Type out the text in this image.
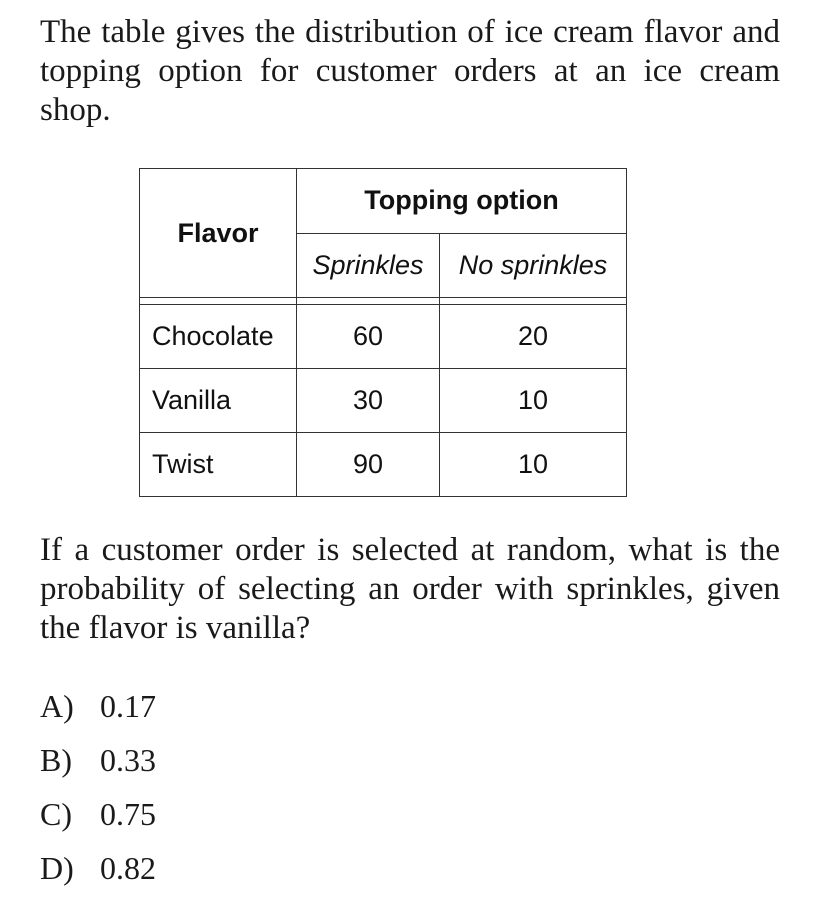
The table gives the distribution of ice cream flavor and topping option for customer orders at an ice cream shop.

Flavor	Topping option	
	Sprinkles	No sprinkles

Chocolate	60	20
Vanilla	30	10
Twist	90	10

If a customer order is selected at random, what is the probability of selecting an order with sprinkles, given the flavor is vanilla?

A) 0.17
B) 0.33
C) 0.75
D) 0.82
